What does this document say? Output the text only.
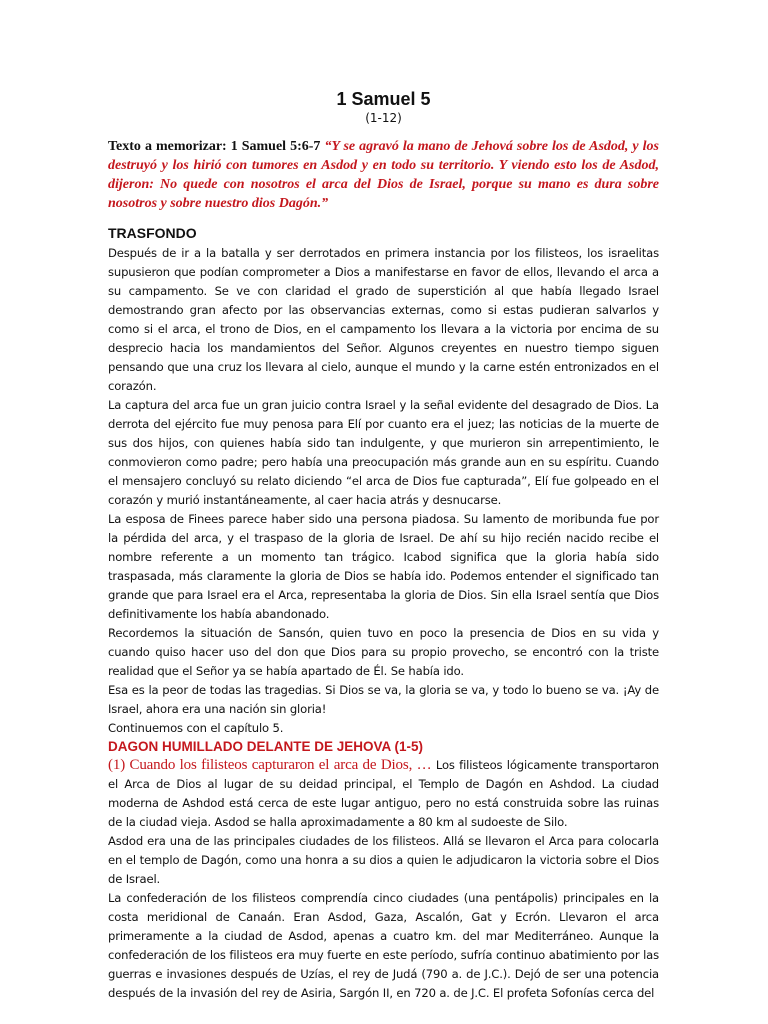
1 Samuel 5
(1-12)

Texto a memorizar: 1 Samuel 5:6-7 “Y se agravó la mano de Jehová sobre los de Asdod, y los destruyó y los hirió con tumores en Asdod y en todo su territorio. Y viendo esto los de Asdod, dijeron: No quede con nosotros el arca del Dios de Israel, porque su mano es dura sobre nosotros y sobre nuestro dios Dagón.”

TRASFONDO

Después de ir a la batalla y ser derrotados en primera instancia por los filisteos, los israelitas supusieron que podían comprometer a Dios a manifestarse en favor de ellos, llevando el arca a su campamento. Se ve con claridad el grado de superstición al que había llegado Israel demostrando gran afecto por las observancias externas, como si estas pudieran salvarlos y como si el arca, el trono de Dios, en el campamento los llevara a la victoria por encima de su desprecio hacia los mandamientos del Señor. Algunos creyentes en nuestro tiempo siguen pensando que una cruz los llevara al cielo, aunque el mundo y la carne estén entronizados en el corazón.

La captura del arca fue un gran juicio contra Israel y la señal evidente del desagrado de Dios. La derrota del ejército fue muy penosa para Elí por cuanto era el juez; las noticias de la muerte de sus dos hijos, con quienes había sido tan indulgente, y que murieron sin arrepentimiento, le conmovieron como padre; pero había una preocupación más grande aun en su espíritu. Cuando el mensajero concluyó su relato diciendo “el arca de Dios fue capturada”, Elí fue golpeado en el corazón y murió instantáneamente, al caer hacia atrás y desnucarse.

La esposa de Finees parece haber sido una persona piadosa. Su lamento de moribunda fue por la pérdida del arca, y el traspaso de la gloria de Israel. De ahí su hijo recién nacido recibe el nombre referente a un momento tan trágico. Icabod significa que la gloria había sido traspasada, más claramente la gloria de Dios se había ido. Podemos entender el significado tan grande que para Israel era el Arca, representaba la gloria de Dios. Sin ella Israel sentía que Dios definitivamente los había abandonado.

Recordemos la situación de Sansón, quien tuvo en poco la presencia de Dios en su vida y cuando quiso hacer uso del don que Dios para su propio provecho, se encontró con la triste realidad que el Señor ya se había apartado de Él. Se había ido.

Esa es la peor de todas las tragedias. Si Dios se va, la gloria se va, y todo lo bueno se va. ¡Ay de Israel, ahora era una nación sin gloria!

Continuemos con el capítulo 5.

DAGON HUMILLADO DELANTE DE JEHOVA (1-5)

(1) Cuando los filisteos capturaron el arca de Dios, … Los filisteos lógicamente transportaron el Arca de Dios al lugar de su deidad principal, el Templo de Dagón en Ashdod. La ciudad moderna de Ashdod está cerca de este lugar antiguo, pero no está construida sobre las ruinas de la ciudad vieja. Asdod se halla aproximadamente a 80 km al sudoeste de Silo.

Asdod era una de las principales ciudades de los filisteos. Allá se llevaron el Arca para colocarla en el templo de Dagón, como una honra a su dios a quien le adjudicaron la victoria sobre el Dios de Israel.

La confederación de los filisteos comprendía cinco ciudades (una pentápolis) principales en la costa meridional de Canaán. Eran Asdod, Gaza, Ascalón, Gat y Ecrón. Llevaron el arca primeramente a la ciudad de Asdod, apenas a cuatro km. del mar Mediterráneo. Aunque la confederación de los filisteos era muy fuerte en este período, sufría continuo abatimiento por las guerras e invasiones después de Uzías, el rey de Judá (790 a. de J.C.). Dejó de ser una potencia después de la invasión del rey de Asiria, Sargón II, en 720 a. de J.C. El profeta Sofonías cerca del
